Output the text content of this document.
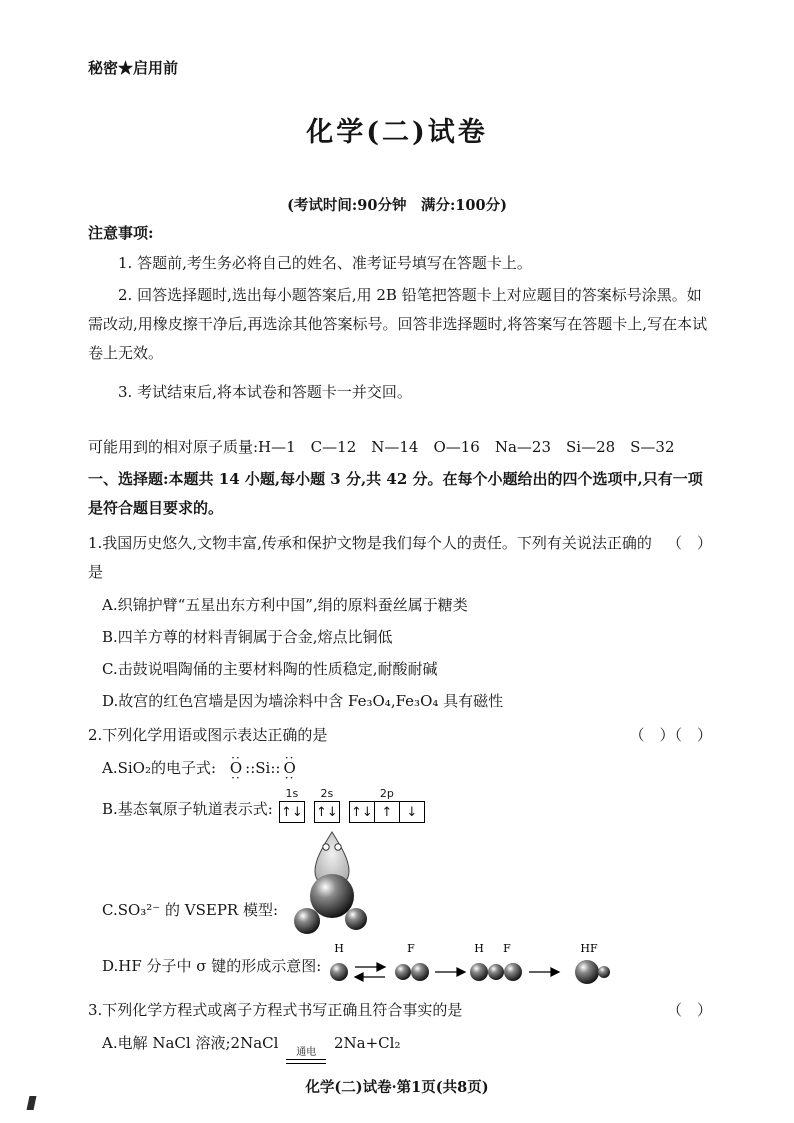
秘密★启用前
化学(二)试卷
(考试时间:90分钟　满分:100分)
注意事项:

1. 答题前,考生务必将自己的姓名、准考证号填写在答题卡上。

2. 回答选择题时,选出每小题答案后,用 2B 铅笔把答题卡上对应题目的答案标号涂黑。如需改动,用橡皮擦干净后,再选涂其他答案标号。回答非选择题时,将答案写在答题卡上,写在本试卷上无效。

3. 考试结束后,将本试卷和答题卡一并交回。

可能用到的相对原子质量:H—1　C—12　N—14　O—16　Na—23　Si—28　S—32

一、选择题:本题共 14 小题,每小题 3 分,共 42 分。在每个小题给出的四个选项中,只有一项是符合题目要求的。

1.我国历史悠久,文物丰富,传承和保护文物是我们每个人的责任。下列有关说法正确的是
（　）

A.织锦护臂“五星出东方利中国”,绢的原料蚕丝属于糖类

B.四羊方尊的材料青铜属于合金,熔点比铜低

C.击鼓说唱陶俑的主要材料陶的性质稳定,耐酸耐碱

D.故宫的红色宫墙是因为墙涂料中含 Fe₃O₄,Fe₃O₄ 具有磁性

2.下列化学用语或图示表达正确的是	（　）（　）
A.SiO₂的电子式: ·· O ·· ::Si:: ·· O ··
B.基态氧原子轨道表示式:
1s
↑↓
2s
↑↓
2p
↑↓ ↑	↓
C.SO₃²⁻ 的 VSEPR 模型:
D.HF 分子中 σ 键的形成示意图:
H	F	H F	HF
3.下列化学方程式或离子方程式书写正确且符合事实的是	（　）
A.电解 NaCl 溶液;2NaCl
通电
2Na+Cl₂
化学(二)试卷·第1页(共8页)
